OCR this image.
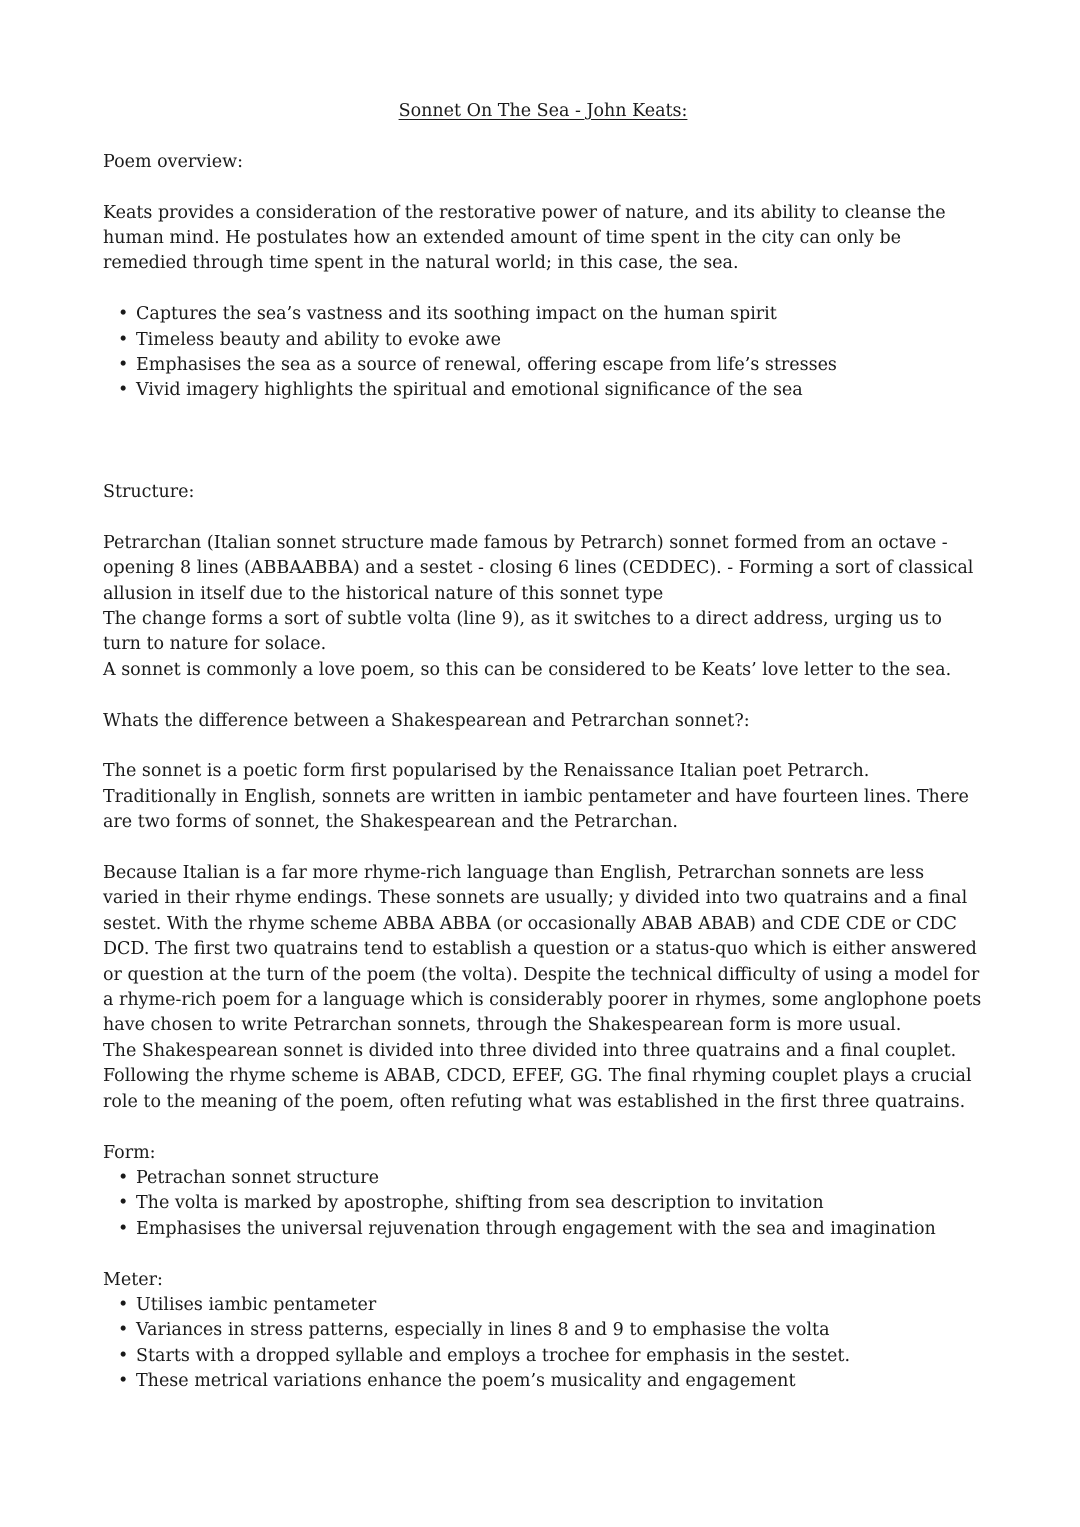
Sonnet On The Sea - John Keats:

Poem overview:

Keats provides a consideration of the restorative power of nature, and its ability to cleanse the human mind. He postulates how an extended amount of time spent in the city can only be remedied through time spent in the natural world; in this case, the sea.

• Captures the sea’s vastness and its soothing impact on the human spirit
• Timeless beauty and ability to evoke awe
• Emphasises the sea as a source of renewal, offering escape from life’s stresses
• Vivid imagery highlights the spiritual and emotional significance of the sea

Structure:

Petrarchan (Italian sonnet structure made famous by Petrarch) sonnet formed from an octave - opening 8 lines (ABBAABBA) and a sestet - closing 6 lines (CEDDEC). - Forming a sort of classical allusion in itself due to the historical nature of this sonnet type

The change forms a sort of subtle volta (line 9), as it switches to a direct address, urging us to turn to nature for solace.

A sonnet is commonly a love poem, so this can be considered to be Keats’ love letter to the sea.

Whats the difference between a Shakespearean and Petrarchan sonnet?:

The sonnet is a poetic form first popularised by the Renaissance Italian poet Petrarch. Traditionally in English, sonnets are written in iambic pentameter and have fourteen lines. There are two forms of sonnet, the Shakespearean and the Petrarchan.

Because Italian is a far more rhyme-rich language than English, Petrarchan sonnets are less varied in their rhyme endings. These sonnets are usually; y divided into two quatrains and a final sestet. With the rhyme scheme ABBA ABBA (or occasionally ABAB ABAB) and CDE CDE or CDC DCD. The first two quatrains tend to establish a question or a status-quo which is either answered or question at the turn of the poem (the volta). Despite the technical difficulty of using a model for a rhyme-rich poem for a language which is considerably poorer in rhymes, some anglophone poets have chosen to write Petrarchan sonnets, through the Shakespearean form is more usual.

The Shakespearean sonnet is divided into three divided into three quatrains and a final couplet. Following the rhyme scheme is ABAB, CDCD, EFEF, GG. The final rhyming couplet plays a crucial role to the meaning of the poem, often refuting what was established in the first three quatrains.

Form:

• Petrachan sonnet structure
• The volta is marked by apostrophe, shifting from sea description to invitation
• Emphasises the universal rejuvenation through engagement with the sea and imagination

Meter:

• Utilises iambic pentameter
• Variances in stress patterns, especially in lines 8 and 9 to emphasise the volta
• Starts with a dropped syllable and employs a trochee for emphasis in the sestet.
• These metrical variations enhance the poem’s musicality and engagement
